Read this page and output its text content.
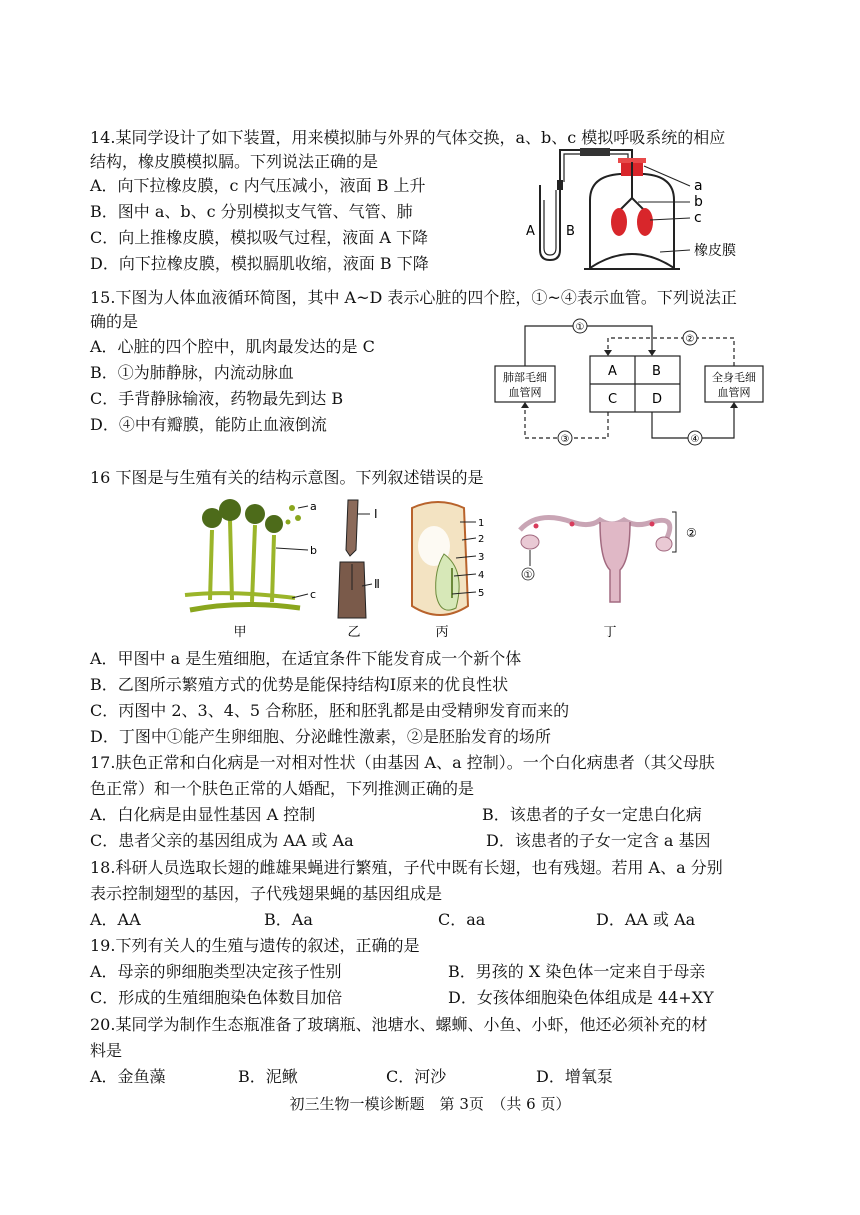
14.某同学设计了如下装置，用来模拟肺与外界的气体交换，a、b、c 模拟呼吸系统的相应
结构，橡皮膜模拟膈。下列说法正确的是
A．向下拉橡皮膜，c 内气压减小，液面 B 上升
B．图中 a、b、c 分别模拟支气管、气管、肺
C．向上推橡皮膜，模拟吸气过程，液面 A 下降
D．向下拉橡皮膜，模拟膈肌收缩，液面 B 下降
A B
a
b
c
橡皮膜
15.下图为人体血液循环简图，其中 A~D 表示心脏的四个腔，①~④表示血管。下列说法正
确的是
A．心脏的四个腔中，肌肉最发达的是 C
B．①为肺静脉，内流动脉血
C．手背静脉输液，药物最先到达 B
D．④中有瓣膜，能防止血液倒流
肺部毛细
血管网
全身毛细
血管网
A	B
C	D
①
②
③	④
16 下图是与生殖有关的结构示意图。下列叙述错误的是
a
b
c
Ⅰ
Ⅱ
1
2
3
4
5
①
②
甲	乙	丙	丁
A．甲图中 a 是生殖细胞，在适宜条件下能发育成一个新个体
B．乙图所示繁殖方式的优势是能保持结构Ⅰ原来的优良性状
C．丙图中 2、3、4、5 合称胚，胚和胚乳都是由受精卵发育而来的
D．丁图中①能产生卵细胞、分泌雌性激素，②是胚胎发育的场所
17.肤色正常和白化病是一对相对性状（由基因 A、a 控制）。一个白化病患者（其父母肤
色正常）和一个肤色正常的人婚配，下列推测正确的是
A．白化病是由显性基因 A 控制	B．该患者的子女一定患白化病
C．患者父亲的基因组成为 AA 或 Aa	D．该患者的子女一定含 a 基因
18.科研人员选取长翅的雌雄果蝇进行繁殖，子代中既有长翅，也有残翅。若用 A、a 分别
表示控制翅型的基因，子代残翅果蝇的基因组成是
A．AA	B．Aa	C．aa	D．AA 或 Aa
19.下列有关人的生殖与遗传的叙述，正确的是
A．母亲的卵细胞类型决定孩子性别	B．男孩的 X 染色体一定来自于母亲
C．形成的生殖细胞染色体数目加倍	D．女孩体细胞染色体组成是 44+XY
20.某同学为制作生态瓶准备了玻璃瓶、池塘水、螺蛳、小鱼、小虾，他还必须补充的材
料是
A．金鱼藻	B．泥鳅	C．河沙	D．增氧泵
初三生物一模诊断题　第 3页　（共 6 页）
